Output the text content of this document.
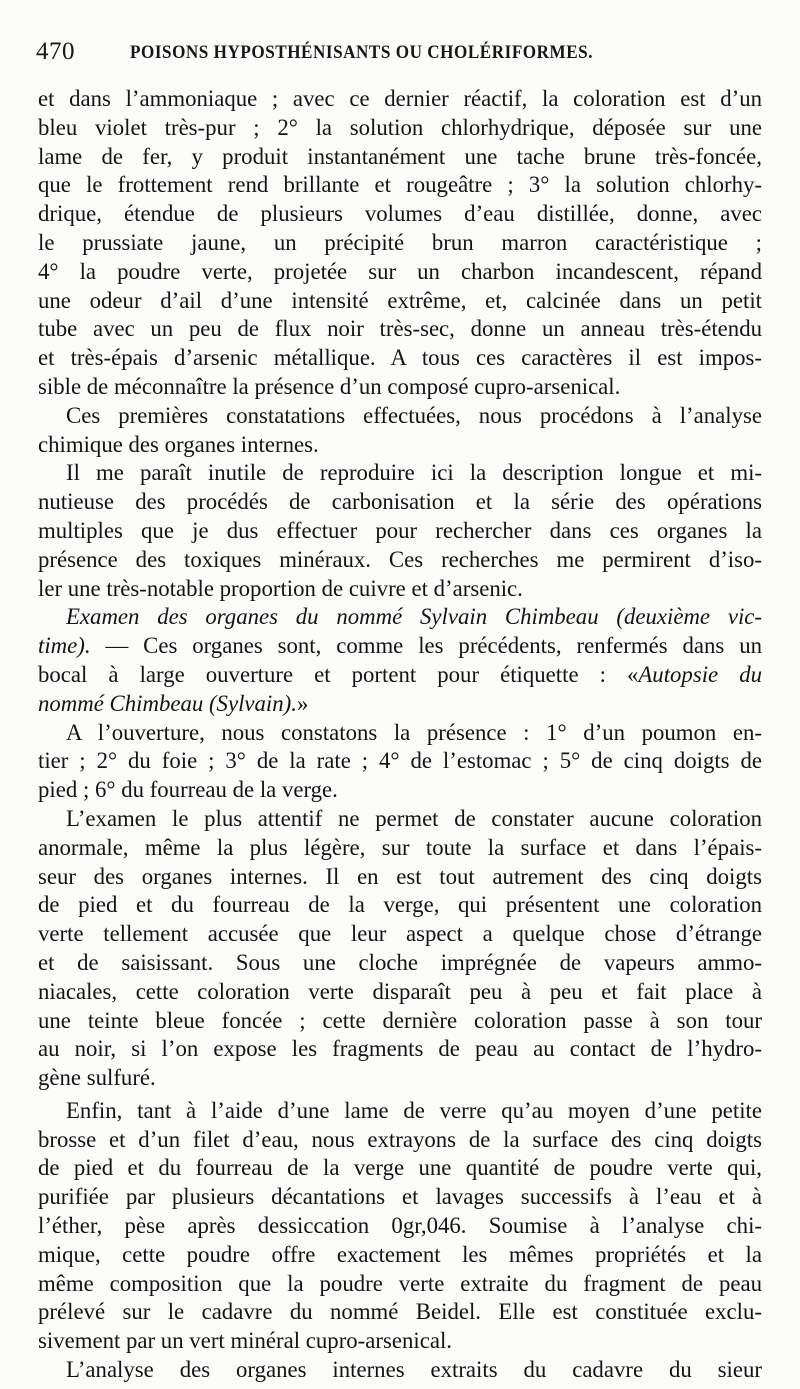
470	POISONS HYPOSTHÉNISANTS OU CHOLÉRIFORMES.
et dans l’ammoniaque ; avec ce dernier réactif, la coloration est d’un
bleu violet très-pur ; 2° la solution chlorhydrique, déposée sur une
lame de fer, y produit instantanément une tache brune très-foncée,
que le frottement rend brillante et rougeâtre ; 3° la solution chlorhy-
drique, étendue de plusieurs volumes d’eau distillée, donne, avec
le prussiate jaune, un précipité brun marron caractéristique ;
4° la poudre verte, projetée sur un charbon incandescent, répand
une odeur d’ail d’une intensité extrême, et, calcinée dans un petit
tube avec un peu de flux noir très-sec, donne un anneau très-étendu
et très-épais d’arsenic métallique. A tous ces caractères il est impos-
sible de méconnaître la présence d’un composé cupro-arsenical.
Ces premières constatations effectuées, nous procédons à l’analyse
chimique des organes internes.
Il me paraît inutile de reproduire ici la description longue et mi-
nutieuse des procédés de carbonisation et la série des opérations
multiples que je dus effectuer pour rechercher dans ces organes la
présence des toxiques minéraux. Ces recherches me permirent d’iso-
ler une très-notable proportion de cuivre et d’arsenic.
Examen des organes du nommé Sylvain Chimbeau (deuxième vic-
time). — Ces organes sont, comme les précédents, renfermés dans un
bocal à large ouverture et portent pour étiquette : «Autopsie du
nommé Chimbeau (Sylvain).»
A l’ouverture, nous constatons la présence : 1° d’un poumon en-
tier ; 2° du foie ; 3° de la rate ; 4° de l’estomac ; 5° de cinq doigts de
pied ; 6° du fourreau de la verge.
L’examen le plus attentif ne permet de constater aucune coloration
anormale, même la plus légère, sur toute la surface et dans l’épais-
seur des organes internes. Il en est tout autrement des cinq doigts
de pied et du fourreau de la verge, qui présentent une coloration
verte tellement accusée que leur aspect a quelque chose d’étrange
et de saisissant. Sous une cloche imprégnée de vapeurs ammo-
niacales, cette coloration verte disparaît peu à peu et fait place à
une teinte bleue foncée ; cette dernière coloration passe à son tour
au noir, si l’on expose les fragments de peau au contact de l’hydro-
gène sulfuré.
Enfin, tant à l’aide d’une lame de verre qu’au moyen d’une petite
brosse et d’un filet d’eau, nous extrayons de la surface des cinq doigts
de pied et du fourreau de la verge une quantité de poudre verte qui,
purifiée par plusieurs décantations et lavages successifs à l’eau et à
l’éther, pèse après dessiccation 0gr,046. Soumise à l’analyse chi-
mique, cette poudre offre exactement les mêmes propriétés et la
même composition que la poudre verte extraite du fragment de peau
prélevé sur le cadavre du nommé Beidel. Elle est constituée exclu-
sivement par un vert minéral cupro-arsenical.
L’analyse des organes internes extraits du cadavre du sieur
